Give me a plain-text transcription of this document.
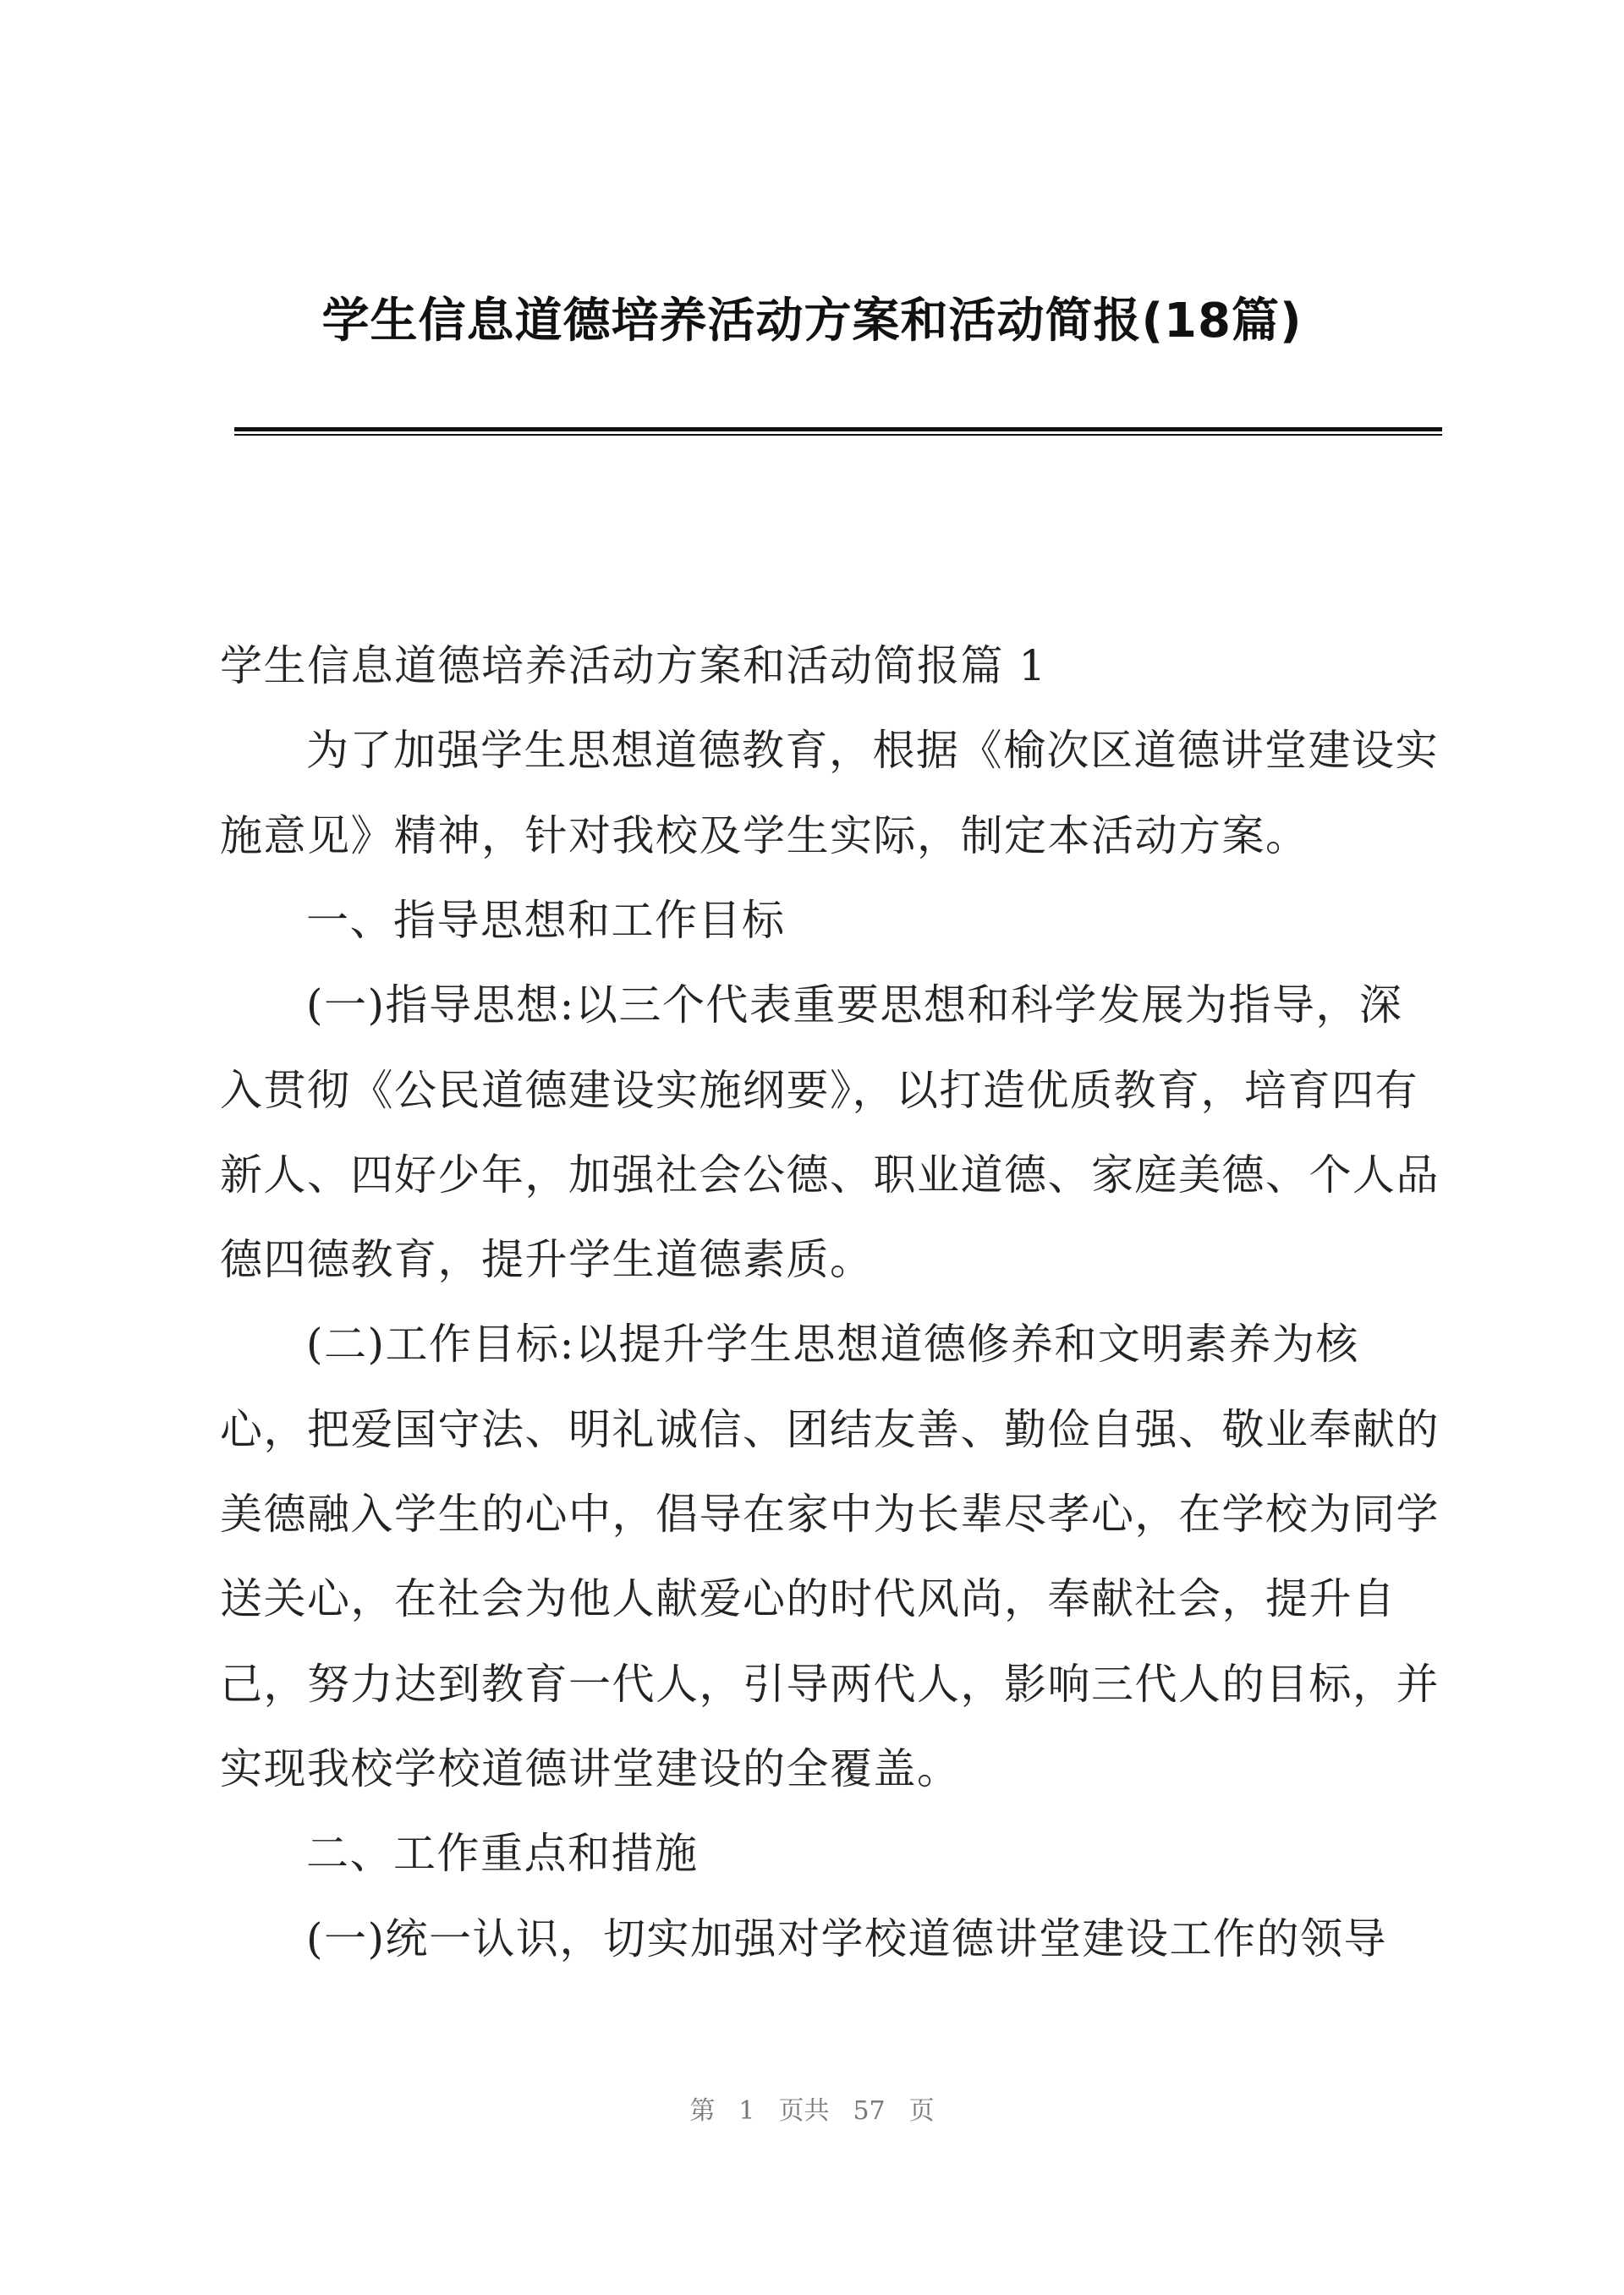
学生信息道德培养活动方案和活动简报(18篇)
学生信息道德培养活动方案和活动简报篇 1
为了加强学生思想道德教育，根据《榆次区道德讲堂建设实
施意见》精神，针对我校及学生实际，制定本活动方案。
一、指导思想和工作目标
(一)指导思想:以三个代表重要思想和科学发展为指导，深
入贯彻《公民道德建设实施纲要》，以打造优质教育，培育四有
新人、四好少年，加强社会公德、职业道德、家庭美德、个人品
德四德教育，提升学生道德素质。
(二)工作目标:以提升学生思想道德修养和文明素养为核
心，把爱国守法、明礼诚信、团结友善、勤俭自强、敬业奉献的
美德融入学生的心中，倡导在家中为长辈尽孝心，在学校为同学
送关心，在社会为他人献爱心的时代风尚，奉献社会，提升自
己，努力达到教育一代人，引导两代人，影响三代人的目标，并
实现我校学校道德讲堂建设的全覆盖。
二、工作重点和措施
(一)统一认识，切实加强对学校道德讲堂建设工作的领导
第 1 页共 57 页
